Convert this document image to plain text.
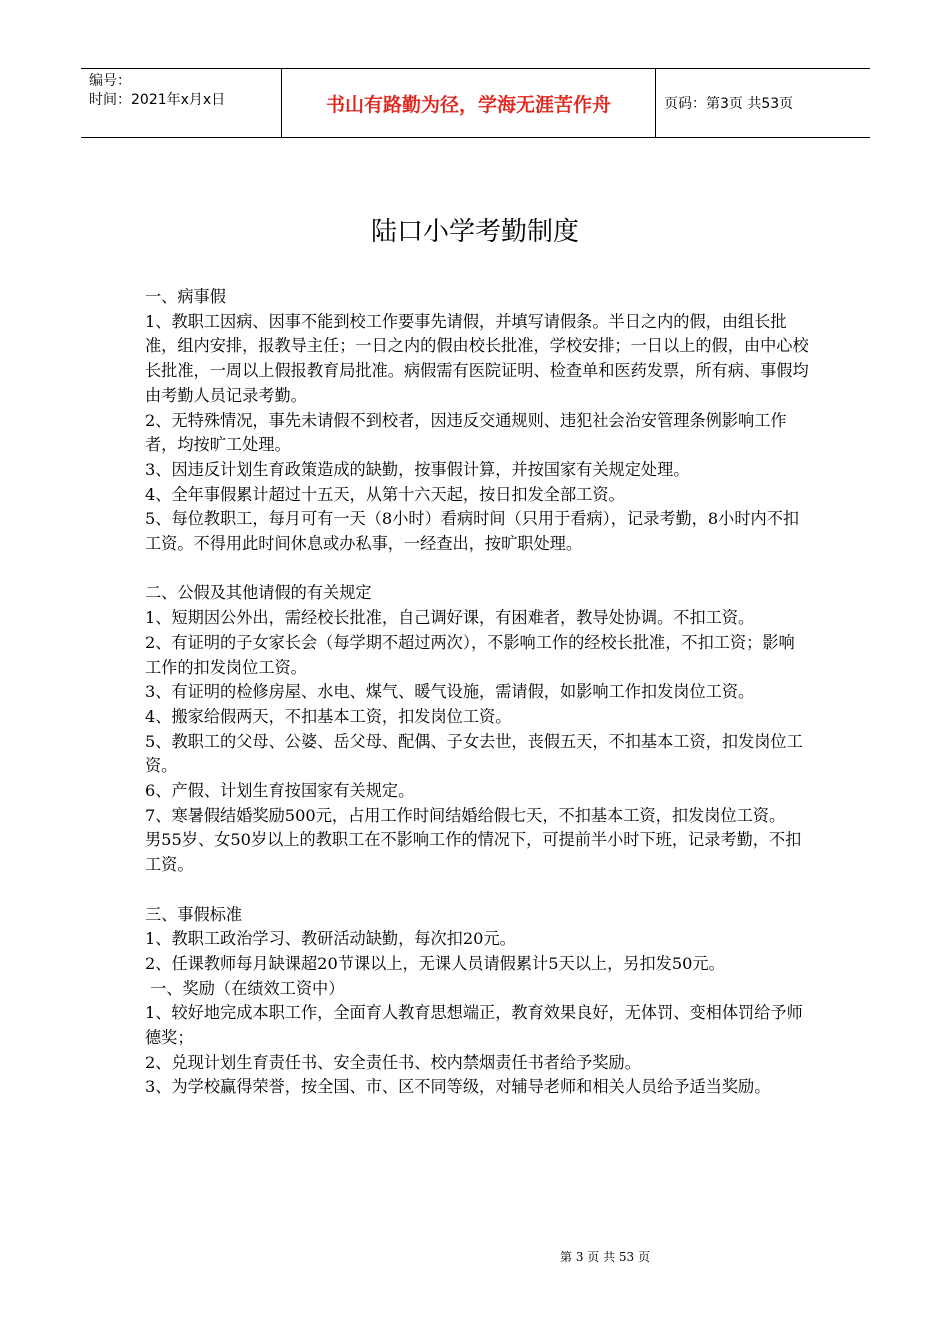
编号：
时间：2021年x月x日	书山有路勤为径，学海无涯苦作舟	页码：第3页 共53页
陆口小学考勤制度

一、病事假

1、教职工因病、因事不能到校工作要事先请假，并填写请假条。半日之内的假，由组长批准，组内安排，报教导主任；一日之内的假由校长批准，学校安排；一日以上的假，由中心校长批准，一周以上假报教育局批准。病假需有医院证明、检查单和医药发票，所有病、事假均由考勤人员记录考勤。

2、无特殊情况，事先未请假不到校者，因违反交通规则、违犯社会治安管理条例影响工作者，均按旷工处理。

3、因违反计划生育政策造成的缺勤，按事假计算，并按国家有关规定处理。

4、全年事假累计超过十五天，从第十六天起，按日扣发全部工资。

5、每位教职工，每月可有一天（8小时）看病时间（只用于看病），记录考勤，8小时内不扣工资。不得用此时间休息或办私事，一经查出，按旷职处理。

二、公假及其他请假的有关规定

1、短期因公外出，需经校长批准，自己调好课，有困难者，教导处协调。不扣工资。

2、有证明的子女家长会（每学期不超过两次），不影响工作的经校长批准，不扣工资；影响工作的扣发岗位工资。

3、有证明的检修房屋、水电、煤气、暖气设施，需请假，如影响工作扣发岗位工资。

4、搬家给假两天，不扣基本工资，扣发岗位工资。

5、教职工的父母、公婆、岳父母、配偶、子女去世，丧假五天，不扣基本工资，扣发岗位工资。

6、产假、计划生育按国家有关规定。

7、寒暑假结婚奖励500元，占用工作时间结婚给假七天，不扣基本工资，扣发岗位工资。

男55岁、女50岁以上的教职工在不影响工作的情况下，可提前半小时下班，记录考勤，不扣工资。

三、事假标准

1、教职工政治学习、教研活动缺勤，每次扣20元。

2、任课教师每月缺课超20节课以上，无课人员请假累计5天以上，另扣发50元。

一、奖励（在绩效工资中）

1、较好地完成本职工作，全面育人教育思想端正，教育效果良好，无体罚、变相体罚给予师德奖；

2、兑现计划生育责任书、安全责任书、校内禁烟责任书者给予奖励。

3、为学校赢得荣誉，按全国、市、区不同等级，对辅导老师和相关人员给予适当奖励。

第 3 页 共 53 页
